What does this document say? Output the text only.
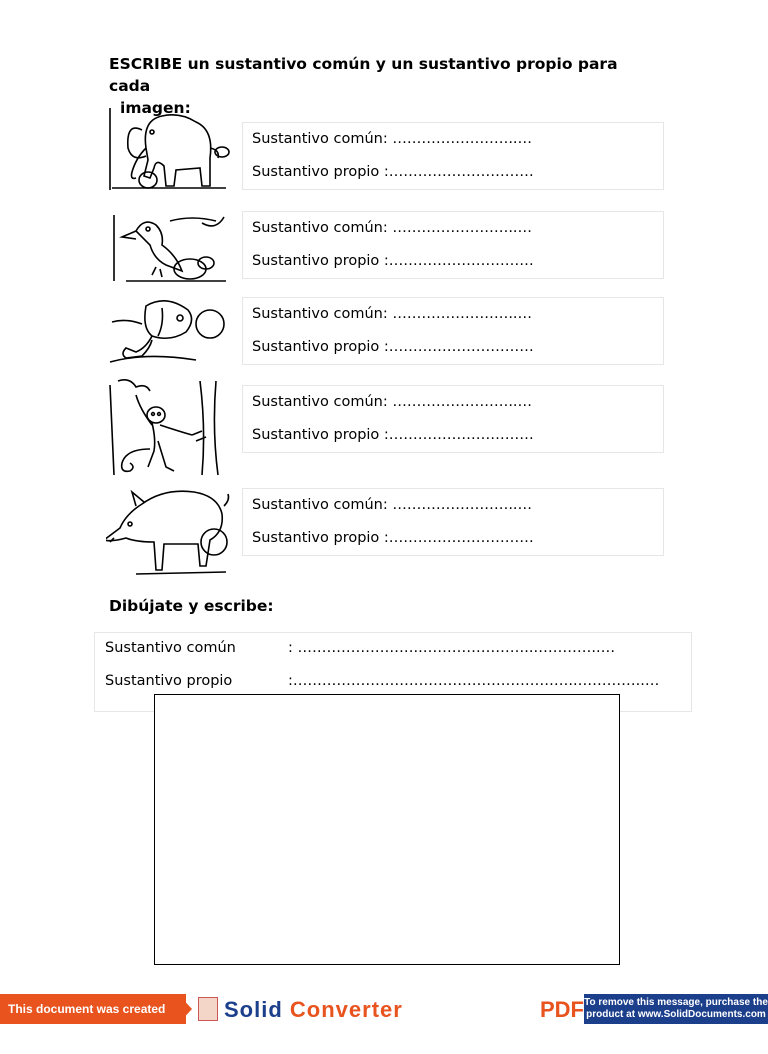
ESCRIBE un sustantivo común y un sustantivo propio para cada
imagen:
Sustantivo común: ……………………..…
Sustantivo propio :…………………………
Sustantivo común: ……………………..…
Sustantivo propio :…………………………
Sustantivo común: ……………………..…
Sustantivo propio :…………………………
Sustantivo común: ……………………..…
Sustantivo propio :…………………………
Sustantivo común: ……………………..…
Sustantivo propio :…………………………
Dibújate y escribe:
Sustantivo común	: ……………………..…………………..…………..…
Sustantivo propio	:…………………………………………………..…………..…
This document was created using
Solid Converter	PDF To remove this message, purchase the product at www.SolidDocuments.com
